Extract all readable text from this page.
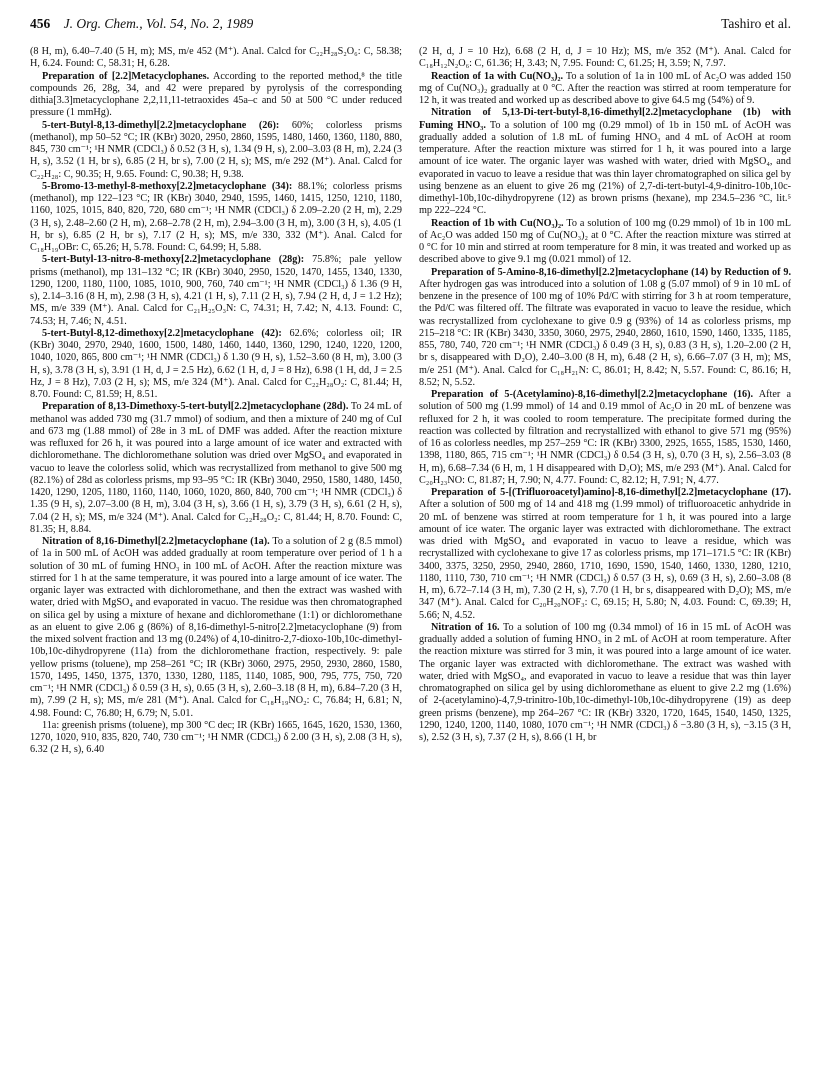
456 J. Org. Chem., Vol. 54, No. 2, 1989	Tashiro et al.

(8 H, m), 6.40–7.40 (5 H, m); MS, m/e 452 (M⁺). Anal. Calcd for C₂₂H₂₈S₂O₆: C, 58.38; H, 6.24. Found: C, 58.31; H, 6.28.

Preparation of [2.2]Metacyclophanes. According to the reported method,⁸ the title compounds 26, 28g, 34, and 42 were prepared by pyrolysis of the corresponding dithia[3.3]metacyclophane 2,2,11,11-tetraoxides 45a–c and 50 at 500 °C under reduced pressure (1 mmHg).

5-tert-Butyl-8,13-dimethyl[2.2]metacyclophane (26): 60%; colorless prisms (methanol), mp 50–52 °C; IR (KBr) 3020, 2950, 2860, 1595, 1480, 1460, 1360, 1180, 880, 845, 730 cm⁻¹; ¹H NMR (CDCl₃) δ 0.52 (3 H, s), 1.34 (9 H, s), 2.00–3.03 (8 H, m), 2.24 (3 H, s), 3.52 (1 H, br s), 6.85 (2 H, br s), 7.00 (2 H, s); MS, m/e 292 (M⁺). Anal. Calcd for C₂₂H₂₈: C, 90.35; H, 9.65. Found: C, 90.38; H, 9.38.

5-Bromo-13-methyl-8-methoxy[2.2]metacyclophane (34): 88.1%; colorless prisms (methanol), mp 122–123 °C; IR (KBr) 3040, 2940, 1595, 1460, 1415, 1250, 1210, 1180, 1160, 1025, 1015, 840, 820, 720, 680 cm⁻¹; ¹H NMR (CDCl₃) δ 2.09–2.20 (2 H, m), 2.29 (3 H, s), 2.48–2.60 (2 H, m), 2.68–2.78 (2 H, m), 2.94–3.00 (3 H, m), 3.00 (3 H, s), 4.05 (1 H, br s), 6.85 (2 H, br s), 7.17 (2 H, s); MS, m/e 330, 332 (M⁺). Anal. Calcd for C₁₈H₁₉OBr: C, 65.26; H, 5.78. Found: C, 64.99; H, 5.88.

5-tert-Butyl-13-nitro-8-methoxy[2.2]metacyclophane (28g): 75.8%; pale yellow prisms (methanol), mp 131–132 °C; IR (KBr) 3040, 2950, 1520, 1470, 1455, 1340, 1330, 1290, 1200, 1180, 1100, 1085, 1010, 900, 760, 740 cm⁻¹; ¹H NMR (CDCl₃) δ 1.36 (9 H, s), 2.14–3.16 (8 H, m), 2.98 (3 H, s), 4.21 (1 H, s), 7.11 (2 H, s), 7.94 (2 H, d, J = 1.2 Hz); MS, m/e 339 (M⁺). Anal. Calcd for C₂₁H₂₅O₃N: C, 74.31; H, 7.42; N, 4.13. Found: C, 74.53; H, 7.46; N, 4.51.

5-tert-Butyl-8,12-dimethoxy[2.2]metacyclophane (42): 62.6%; colorless oil; IR (KBr) 3040, 2970, 2940, 1600, 1500, 1480, 1460, 1440, 1360, 1290, 1240, 1220, 1200, 1040, 1020, 865, 800 cm⁻¹; ¹H NMR (CDCl₃) δ 1.30 (9 H, s), 1.52–3.60 (8 H, m), 3.00 (3 H, s), 3.78 (3 H, s), 3.91 (1 H, d, J = 2.5 Hz), 6.62 (1 H, d, J = 8 Hz), 6.98 (1 H, dd, J = 2.5 Hz, J = 8 Hz), 7.03 (2 H, s); MS, m/e 324 (M⁺). Anal. Calcd for C₂₂H₂₈O₂: C, 81.44; H, 8.70. Found: C, 81.59; H, 8.51.

Preparation of 8,13-Dimethoxy-5-tert-butyl[2.2]metacyclophane (28d). To 24 mL of methanol was added 730 mg (31.7 mmol) of sodium, and then a mixture of 240 mg of CuI and 673 mg (1.88 mmol) of 28e in 3 mL of DMF was added. After the reaction mixture was refluxed for 26 h, it was poured into a large amount of ice water and extracted with dichloromethane. The dichloromethane solution was dried over MgSO₄ and evaporated in vacuo to leave the colorless solid, which was recrystallized from methanol to give 500 mg (82.1%) of 28d as colorless prisms, mp 93–95 °C: IR (KBr) 3040, 2950, 1580, 1480, 1450, 1420, 1290, 1205, 1180, 1160, 1140, 1060, 1020, 860, 840, 700 cm⁻¹; ¹H NMR (CDCl₃) δ 1.35 (9 H, s), 2.07–3.00 (8 H, m), 3.04 (3 H, s), 3.66 (1 H, s), 3.79 (3 H, s), 6.61 (2 H, s), 7.04 (2 H, s); MS, m/e 324 (M⁺). Anal. Calcd for C₂₂H₂₈O₂: C, 81.44; H, 8.70. Found: C, 81.35; H, 8.84.

Nitration of 8,16-Dimethyl[2.2]metacyclophane (1a). To a solution of 2 g (8.5 mmol) of 1a in 500 mL of AcOH was added gradually at room temperature over period of 1 h a solution of 30 mL of fuming HNO₃ in 100 mL of AcOH. After the reaction mixture was stirred for 1 h at the same temperature, it was poured into a large amount of ice water. The organic layer was extracted with dichloromethane, and then the extract was washed with water, dried with MgSO₄ and evaporated in vacuo. The residue was then chromatographed on silica gel by using a mixture of hexane and dichloromethane (1:1) or dichloromethane as an eluent to give 2.06 g (86%) of 8,16-dimethyl-5-nitro[2.2]metacyclophane (9) from the mixed solvent fraction and 13 mg (0.24%) of 4,10-dinitro-2,7-dioxo-10b,10c-dimethyl-10b,10c-dihydropyrene (11a) from the dichloromethane fraction, respectively. 9: pale yellow prisms (toluene), mp 258–261 °C; IR (KBr) 3060, 2975, 2950, 2930, 2860, 1580, 1570, 1495, 1450, 1375, 1370, 1330, 1280, 1185, 1140, 1085, 900, 795, 775, 750, 720 cm⁻¹; ¹H NMR (CDCl₃) δ 0.59 (3 H, s), 0.65 (3 H, s), 2.60–3.18 (8 H, m), 6.84–7.20 (3 H, m), 7.99 (2 H, s); MS, m/e 281 (M⁺). Anal. Calcd for C₁₈H₁₉NO₂: C, 76.84; H, 6.81; N, 4.98. Found: C, 76.80; H, 6.79; N, 5.01.

11a: greenish prisms (toluene), mp 300 °C dec; IR (KBr) 1665, 1645, 1620, 1530, 1360, 1270, 1020, 910, 835, 820, 740, 730 cm⁻¹; ¹H NMR (CDCl₃) δ 2.00 (3 H, s), 2.08 (3 H, s), 6.32 (2 H, s), 6.40

(2 H, d, J = 10 Hz), 6.68 (2 H, d, J = 10 Hz); MS, m/e 352 (M⁺). Anal. Calcd for C₁₈H₁₂N₂O₆: C, 61.36; H, 3.43; N, 7.95. Found: C, 61.25; H, 3.59; N, 7.97.

Reaction of 1a with Cu(NO₃)₂. To a solution of 1a in 100 mL of Ac₂O was added 150 mg of Cu(NO₃)₂ gradually at 0 °C. After the reaction was stirred at room temperature for 12 h, it was treated and worked up as described above to give 64.5 mg (54%) of 9.

Nitration of 5,13-Di-tert-butyl-8,16-dimethyl[2.2]metacyclophane (1b) with Fuming HNO₃. To a solution of 100 mg (0.29 mmol) of 1b in 150 mL of AcOH was gradually added a solution of 1.8 mL of fuming HNO₃ and 4 mL of AcOH at room temperature. After the reaction mixture was stirred for 1 h, it was poured into a large amount of ice water. The organic layer was washed with water, dried with MgSO₄, and evaporated in vacuo to leave a residue that was thin layer chromatographed on silica gel by using benzene as an eluent to give 26 mg (21%) of 2,7-di-tert-butyl-4,9-dinitro-10b,10c-dimethyl-10b,10c-dihydropyrene (12) as brown prisms (hexane), mp 234.5–236 °C, lit.⁵ mp 222–224 °C.

Reaction of 1b with Cu(NO₃)₂. To a solution of 100 mg (0.29 mmol) of 1b in 100 mL of Ac₂O was added 150 mg of Cu(NO₃)₂ at 0 °C. After the reaction mixture was stirred at 0 °C for 10 min and stirred at room temperature for 8 min, it was treated and worked up as described above to give 9.1 mg (0.021 mmol) of 12.

Preparation of 5-Amino-8,16-dimethyl[2.2]metacyclophane (14) by Reduction of 9. After hydrogen gas was introduced into a solution of 1.08 g (5.07 mmol) of 9 in 10 mL of benzene in the presence of 100 mg of 10% Pd/C with stirring for 3 h at room temperature, the Pd/C was filtered off. The filtrate was evaporated in vacuo to leave the residue, which was recrystallized from cyclohexane to give 0.9 g (93%) of 14 as colorless prisms, mp 215–218 °C: IR (KBr) 3430, 3350, 3060, 2975, 2940, 2860, 1610, 1590, 1460, 1335, 1185, 855, 780, 740, 720 cm⁻¹; ¹H NMR (CDCl₃) δ 0.49 (3 H, s), 0.83 (3 H, s), 1.20–2.00 (2 H, br s, disappeared with D₂O), 2.40–3.00 (8 H, m), 6.48 (2 H, s), 6.66–7.07 (3 H, m); MS, m/e 251 (M⁺). Anal. Calcd for C₁₈H₂₁N: C, 86.01; H, 8.42; N, 5.57. Found: C, 86.16; H, 8.52; N, 5.52.

Preparation of 5-(Acetylamino)-8,16-dimethyl[2.2]metacyclophane (16). After a solution of 500 mg (1.99 mmol) of 14 and 0.19 mmol of Ac₂O in 20 mL of benzene was refluxed for 2 h, it was cooled to room temperature. The precipitate formed during the reaction was collected by filtration and recrystallized with ethanol to give 571 mg (95%) of 16 as colorless needles, mp 257–259 °C: IR (KBr) 3300, 2925, 1655, 1585, 1530, 1460, 1398, 1180, 865, 715 cm⁻¹; ¹H NMR (CDCl₃) δ 0.54 (3 H, s), 0.70 (3 H, s), 2.56–3.03 (8 H, m), 6.68–7.34 (6 H, m, 1 H disappeared with D₂O); MS, m/e 293 (M⁺). Anal. Calcd for C₂₀H₂₃NO: C, 81.87; H, 7.90; N, 4.77. Found: C, 82.12; H, 7.91; N, 4.77.

Preparation of 5-[(Trifluoroacetyl)amino]-8,16-dimethyl[2.2]metacyclophane (17). After a solution of 500 mg of 14 and 418 mg (1.99 mmol) of trifluoroacetic anhydride in 20 mL of benzene was stirred at room temperature for 1 h, it was poured into a large amount of ice water. The organic layer was extracted with dichloromethane. The extract was dried with MgSO₄ and evaporated in vacuo to leave a residue, which was recrystallized with cyclohexane to give 17 as colorless prisms, mp 171–171.5 °C: IR (KBr) 3400, 3375, 3250, 2950, 2940, 2860, 1710, 1690, 1590, 1540, 1460, 1330, 1280, 1210, 1180, 1110, 730, 710 cm⁻¹; ¹H NMR (CDCl₃) δ 0.57 (3 H, s), 0.69 (3 H, s), 2.60–3.08 (8 H, m), 6.72–7.14 (3 H, m), 7.30 (2 H, s), 7.70 (1 H, br s, disappeared with D₂O); MS, m/e 347 (M⁺). Anal. Calcd for C₂₀H₂₀NOF₃: C, 69.15; H, 5.80; N, 4.03. Found: C, 69.39; H, 5.66; N, 4.52.

Nitration of 16. To a solution of 100 mg (0.34 mmol) of 16 in 15 mL of AcOH was gradually added a solution of fuming HNO₃ in 2 mL of AcOH at room temperature. After the reaction mixture was stirred for 3 min, it was poured into a large amount of ice water. The organic layer was extracted with dichloromethane. The extract was washed with water, dried with MgSO₄, and evaporated in vacuo to leave a residue that was thin layer chromatographed on silica gel by using dichloromethane as eluent to give 2.2 mg (1.6%) of 2-(acetylamino)-4,7,9-trinitro-10b,10c-dimethyl-10b,10c-dihydropyrene (19) as deep green prisms (benzene), mp 264–267 °C: IR (KBr) 3320, 1720, 1645, 1540, 1450, 1325, 1290, 1240, 1200, 1140, 1080, 1070 cm⁻¹; ¹H NMR (CDCl₃) δ −3.80 (3 H, s), −3.15 (3 H, s), 2.52 (3 H, s), 7.37 (2 H, s), 8.66 (1 H, br
